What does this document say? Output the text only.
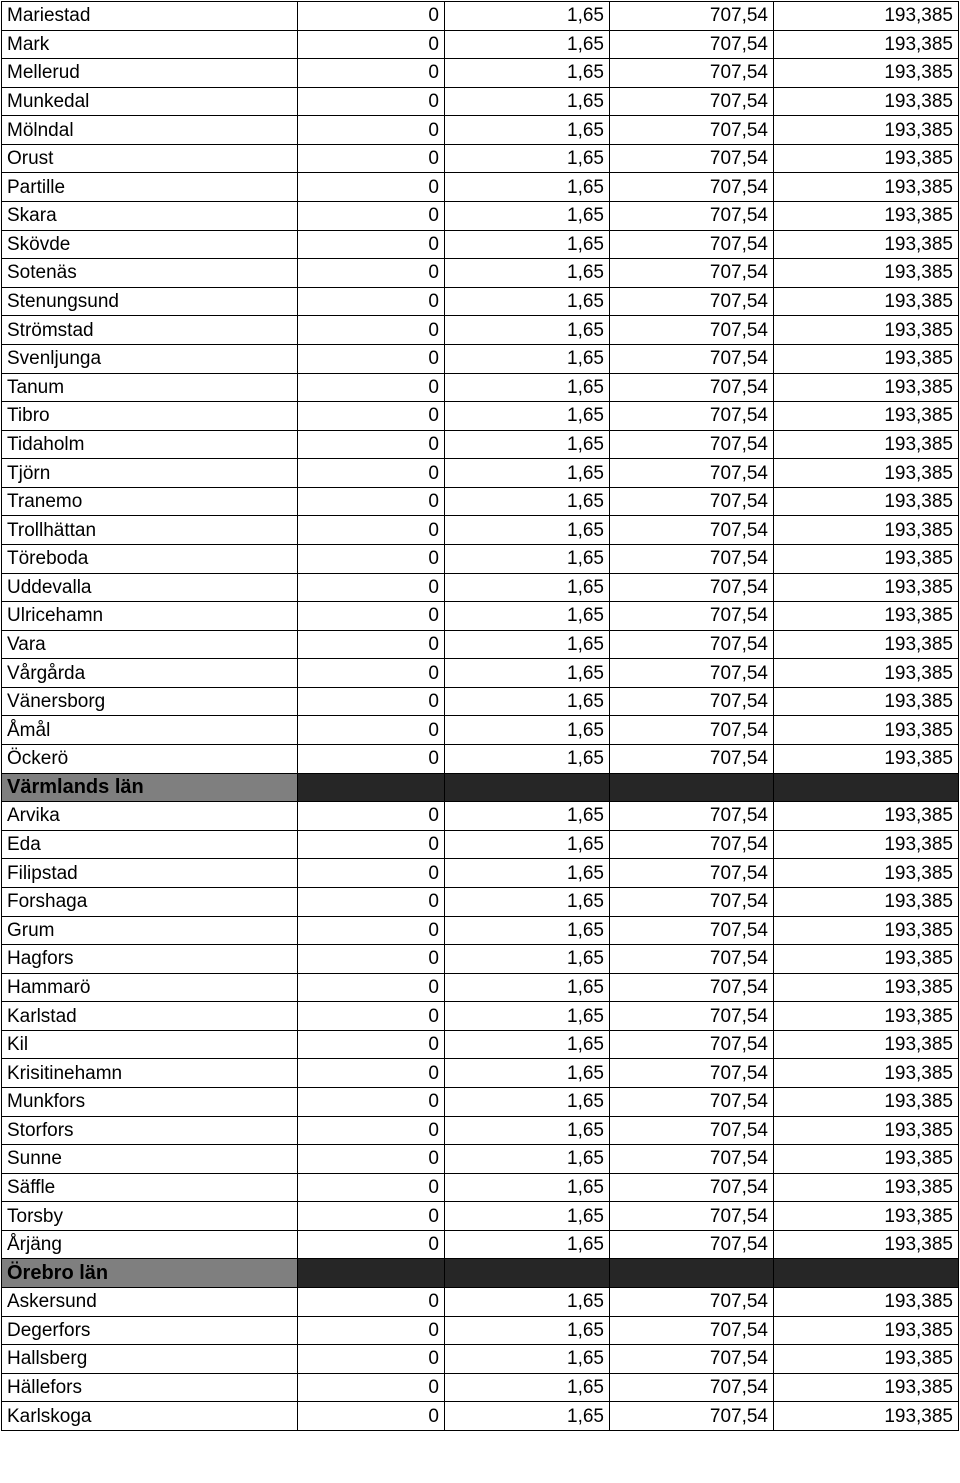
Mariestad	0	1,65	707,54	193,385
Mark	0	1,65	707,54	193,385
Mellerud	0	1,65	707,54	193,385
Munkedal	0	1,65	707,54	193,385
Mölndal	0	1,65	707,54	193,385
Orust	0	1,65	707,54	193,385
Partille	0	1,65	707,54	193,385
Skara	0	1,65	707,54	193,385
Skövde	0	1,65	707,54	193,385
Sotenäs	0	1,65	707,54	193,385
Stenungsund	0	1,65	707,54	193,385
Strömstad	0	1,65	707,54	193,385
Svenljunga	0	1,65	707,54	193,385
Tanum	0	1,65	707,54	193,385
Tibro	0	1,65	707,54	193,385
Tidaholm	0	1,65	707,54	193,385
Tjörn	0	1,65	707,54	193,385
Tranemo	0	1,65	707,54	193,385
Trollhättan	0	1,65	707,54	193,385
Töreboda	0	1,65	707,54	193,385
Uddevalla	0	1,65	707,54	193,385
Ulricehamn	0	1,65	707,54	193,385
Vara	0	1,65	707,54	193,385
Vårgårda	0	1,65	707,54	193,385
Vänersborg	0	1,65	707,54	193,385
Åmål	0	1,65	707,54	193,385
Öckerö	0	1,65	707,54	193,385
Värmlands län				
Arvika	0	1,65	707,54	193,385
Eda	0	1,65	707,54	193,385
Filipstad	0	1,65	707,54	193,385
Forshaga	0	1,65	707,54	193,385
Grum	0	1,65	707,54	193,385
Hagfors	0	1,65	707,54	193,385
Hammarö	0	1,65	707,54	193,385
Karlstad	0	1,65	707,54	193,385
Kil	0	1,65	707,54	193,385
Krisitinehamn	0	1,65	707,54	193,385
Munkfors	0	1,65	707,54	193,385
Storfors	0	1,65	707,54	193,385
Sunne	0	1,65	707,54	193,385
Säffle	0	1,65	707,54	193,385
Torsby	0	1,65	707,54	193,385
Årjäng	0	1,65	707,54	193,385
Örebro län				
Askersund	0	1,65	707,54	193,385
Degerfors	0	1,65	707,54	193,385
Hallsberg	0	1,65	707,54	193,385
Hällefors	0	1,65	707,54	193,385
Karlskoga	0	1,65	707,54	193,385
